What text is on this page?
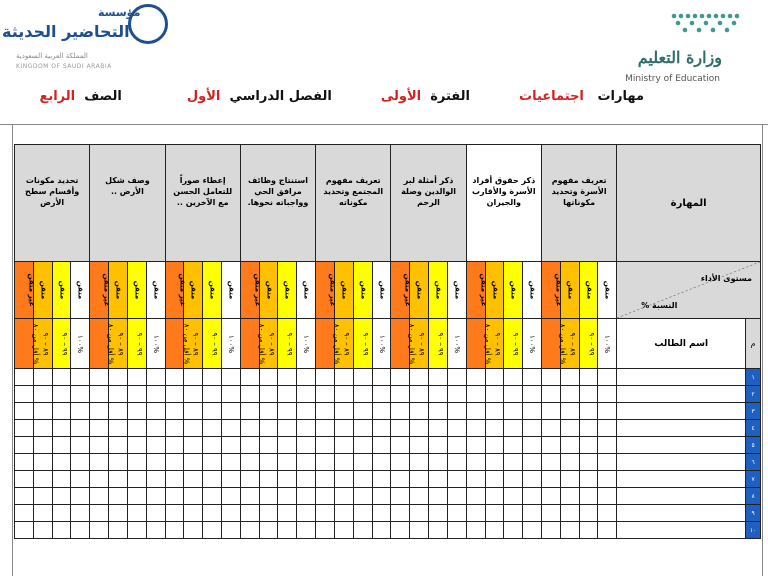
مؤسسة
التحاضير الحديثة
المملكة العربية السعودية
KINGDOM OF SAUDI ARABIA	وزارة التعليم
Ministry of Education
مهارات   اجتماعيات  الفترة  الأولى  الفصل الدراسي  الأول  الصف  الرابع
تحديد مكونات وأقسام سطح الأرض				وصف شكل الأرض ..				إعطاء صوراً للتعامل الحسن مع الآخرين ..				استنتاج وظائف مرافق الحي وواجباته نحوها.				تعريف مفهوم المجتمع وتحديد مكوناته				ذكر أمثلة لبر الوالدين وصلة الرحم				ذكر حقوق أفراد الأسرة والأقارب والجيران				تعريف مفهوم الأسرة وتحديد مكوناتها				المهارة	
غير متقن	متقن	متقن	متقن	غير متقن	متقن	متقن	متقن	غير متقن	متقن	متقن	متقن	غير متقن	متقن	متقن	متقن	غير متقن	متقن	متقن	متقن	غير متقن	متقن	متقن	متقن	غير متقن	متقن	متقن	متقن	غير متقن	متقن	متقن	متقن	مستوى الأداء
النسبة %	

أقل من ٨٠ %	٨٩ – ٩٠	٩٩ – ٩٠	١٠٠%	أقل من ٨٠ %	٨٩ – ٩٠	٩٩ – ٩٠	١٠٠%	أقل من ٨٠ %	٨٩ – ٩٠	٩٩ – ٩٠	١٠٠%	أقل من ٨٠ %	٨٩ – ٩٠	٩٩ – ٩٠	١٠٠%	أقل من ٨٠ %	٨٩ – ٩٠	٩٩ – ٩٠	١٠٠%	أقل من ٨٠ %	٨٩ – ٩٠	٩٩ – ٩٠	١٠٠%	أقل من ٨٠ %	٨٩ – ٩٠	٩٩ – ٩٠	١٠٠%	أقل من ٨٠ %	٨٩ – ٩٠	٩٩ – ٩٠	١٠٠%	اسم الطالب	م
																																	١
																																	٢
																																	٣
																																	٤
																																	٥
																																	٦
																																	٧
																																	٨
																																	٩
																																	١٠
